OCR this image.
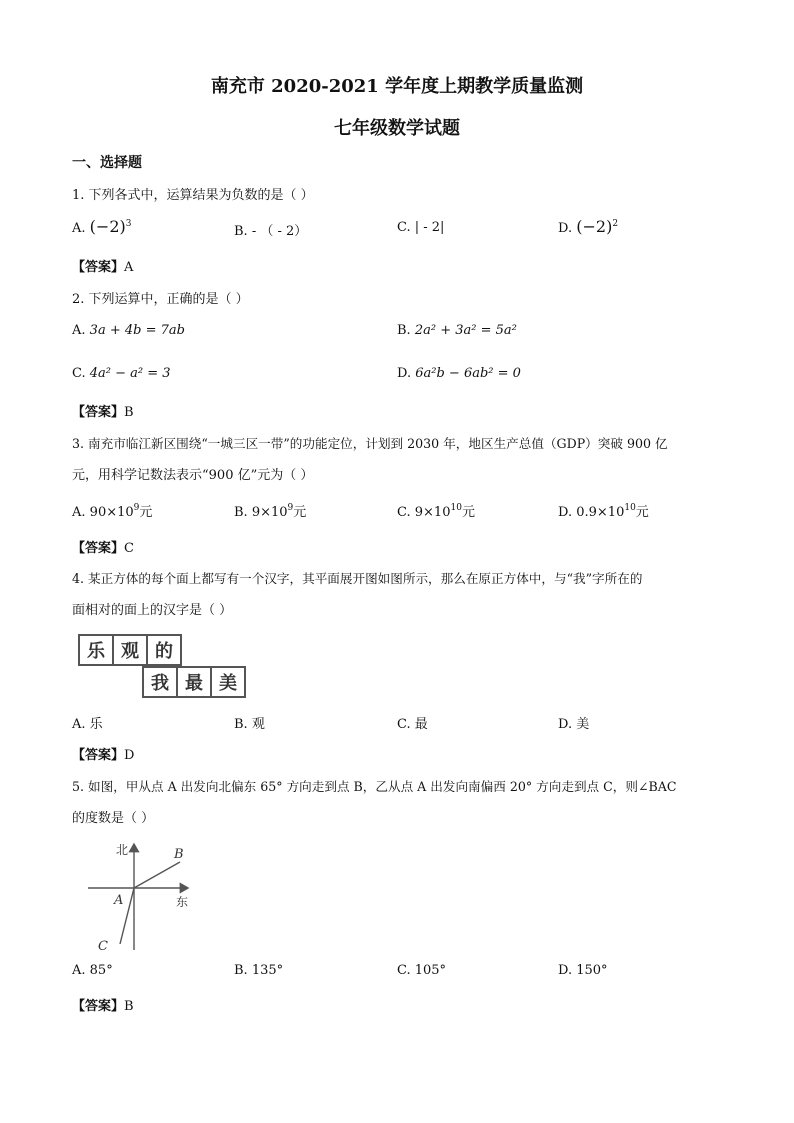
南充市 2020-2021 学年度上期教学质量监测
七年级数学试题
一、选择题
1. 下列各式中，运算结果为负数的是（ ）
A. $(-2)^3$	B. - （ - 2）	C. | - 2|	D. $(-2)^2$
【答案】A
2. 下列运算中，正确的是（ ）
A. 3a + 4b = 7ab	B. 2a² + 3a² = 5a²
C. 4a² − a² = 3	D. 6a²b − 6ab² = 0
【答案】B
3. 南充市临江新区围绕“一城三区一带”的功能定位，计划到 2030 年，地区生产总值（GDP）突破 900 亿
元，用科学记数法表示“900 亿”元为（ ）
A. $90\times 10^9$元	B. $9\times 10^9$元	C. $9\times 10^{10}$元	D. $0.9\times 10^{10}$元
【答案】C
4. 某正方体的每个面上都写有一个汉字，其平面展开图如图所示，那么在原正方体中，与“我”字所在的
面相对的面上的汉字是（ ）
乐 观 的
我 最 美
A. 乐	B. 观	C. 最	D. 美
【答案】D
5. 如图，甲从点 A 出发向北偏东 65° 方向走到点 B，乙从点 A 出发向南偏西 20° 方向走到点 C，则∠BAC
的度数是（ ）
北
东
A
B
C
A. 85°	B. 135°	C. 105°	D. 150°
【答案】B
